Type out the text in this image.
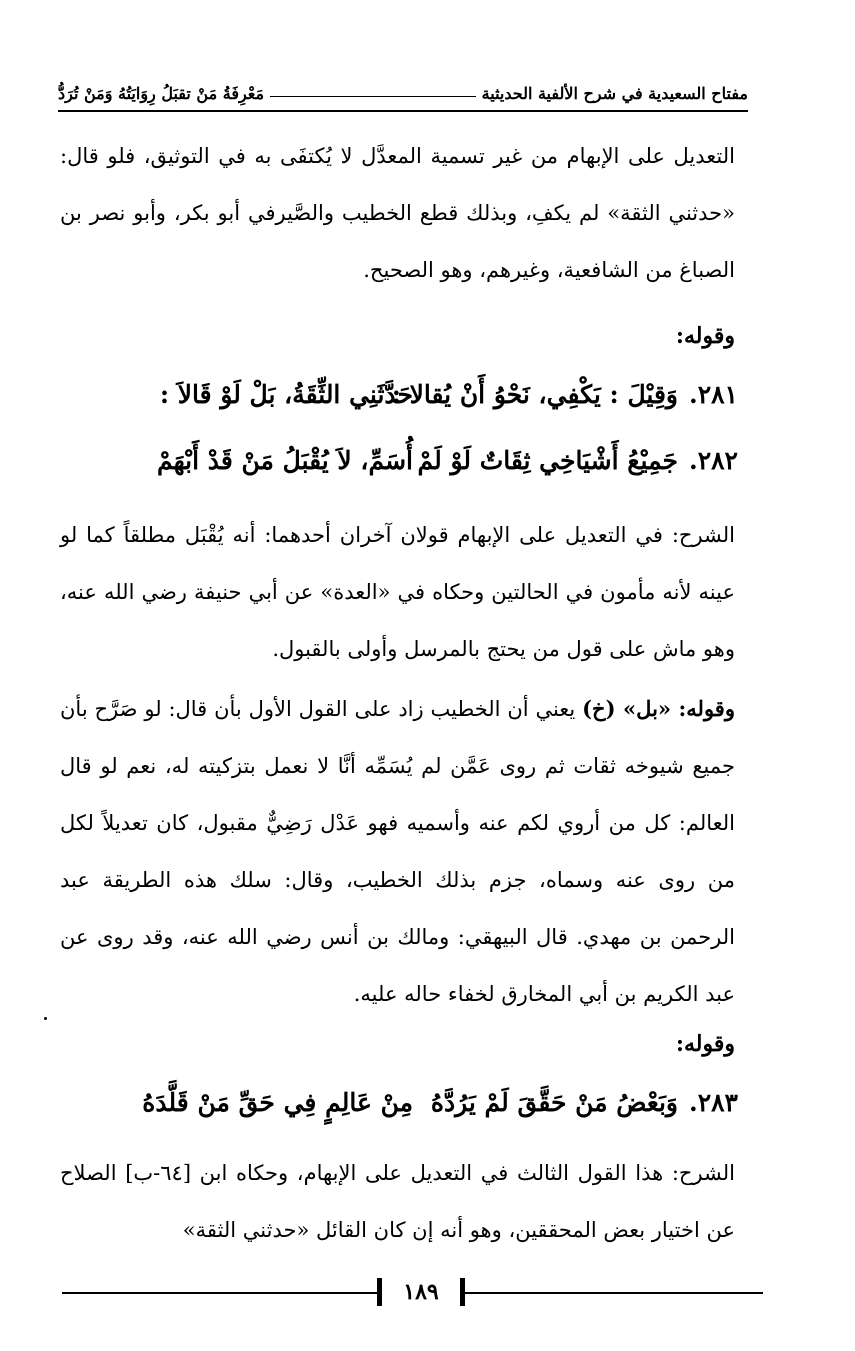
مفتاح السعيدية في شرح الألفية الحديثية
مَعْرِفَةُ مَنْ تقبَلُ رِوَايَتُهُ وَمَنْ تُرَدُّ
التعديل على الإبهام من غير تسمية المعدَّل لا يُكتفَى به في التوثيق، فلو قال: «حدثني الثقة» لم يكفِ، وبذلك قطع الخطيب والصَّيرفي أبو بكر، وأبو نصر بن الصباغ من الشافعية، وغيرهم، وهو الصحيح.
وقوله:
٢٨١.
وَقِيْلَ : يَكْفِي، نَحْوُ أَنْ يُقالا :
حَدَّثَنِي الثِّقَةُ، بَلْ لَوْ قَالاَ :
٢٨٢.
جَمِيْعُ أَشْيَاخِي ثِقَاتٌ لَوْ لَمْ
أُسَمِّ، لاَ يُقْبَلُ مَنْ قَدْ أَبْهَمْ
الشرح: في التعديل على الإبهام قولان آخران أحدهما: أنه يُقْبَل مطلقاً كما لو عينه لأنه مأمون في الحالتين وحكاه في «العدة» عن أبي حنيفة رضي الله عنه، وهو ماش على قول من يحتج بالمرسل وأولى بالقبول.
وقوله: «بل» (خ) يعني أن الخطيب زاد على القول الأول بأن قال: لو صَرَّح بأن جميع شيوخه ثقات ثم روى عَمَّن لم يُسَمِّه أنَّا لا نعمل بتزكيته له، نعم لو قال العالم: كل من أروي لكم عنه وأسميه فهو عَدْل رَضِيٌّ مقبول، كان تعديلاً لكل من روى عنه وسماه، جزم بذلك الخطيب، وقال: سلك هذه الطريقة عبد الرحمن بن مهدي. قال البيهقي: ومالك بن أنس رضي الله عنه، وقد روى عن عبد الكريم بن أبي المخارق لخفاء حاله عليه.
وقوله:
٢٨٣.
وَبَعْضُ مَنْ حَقَّقَ لَمْ يَرُدَّهُ
مِنْ عَالِمٍ فِي حَقِّ مَنْ قَلَّدَهُ
الشرح: هذا القول الثالث في التعديل على الإبهام، وحكاه ابن [٦٤-ب] الصلاح عن اختيار بعض المحققين، وهو أنه إن كان القائل «حدثني الثقة»
١٨٩
